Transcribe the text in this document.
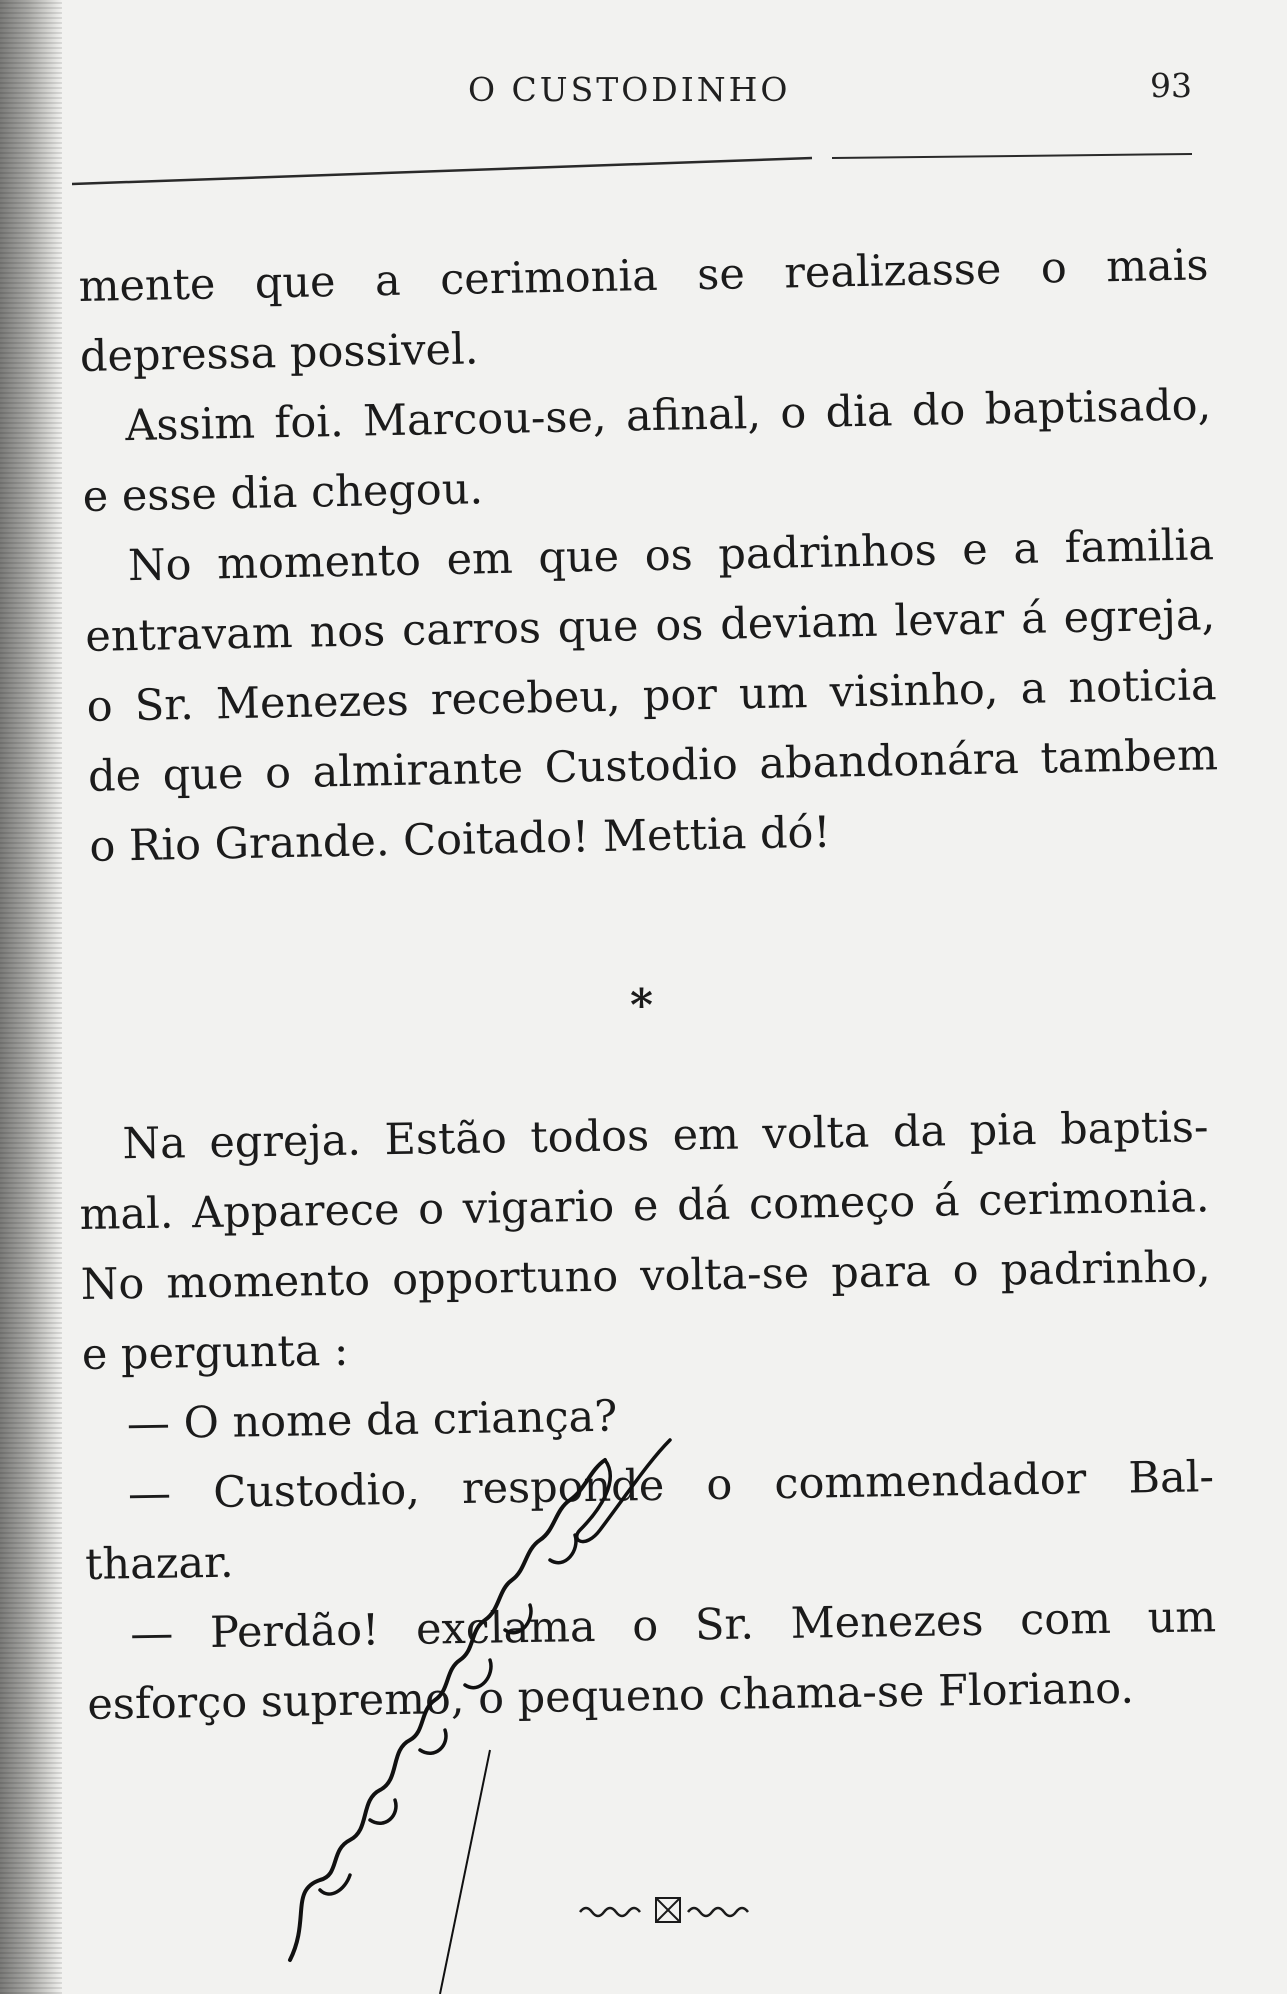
O CUSTODINHO	93
mente que a cerimonia se realizasse o mais
depressa possivel.
Assim foi. Marcou-se, afinal, o dia do baptisado,
e esse dia chegou.
No momento em que os padrinhos e a familia
entravam nos carros que os deviam levar á egreja,
o Sr. Menezes recebeu, por um visinho, a noticia
de que o almirante Custodio abandonára tambem
o Rio Grande. Coitado! Mettia dó!
*
Na egreja. Estão todos em volta da pia baptis-
mal. Apparece o vigario e dá começo á cerimonia.
No momento opportuno volta-se para o padrinho,
e pergunta :
— O nome da criança?
— Custodio, responde o commendador Bal-
thazar.
— Perdão! exclama o Sr. Menezes com um
esforço supremo, o pequeno chama-se Floriano.
